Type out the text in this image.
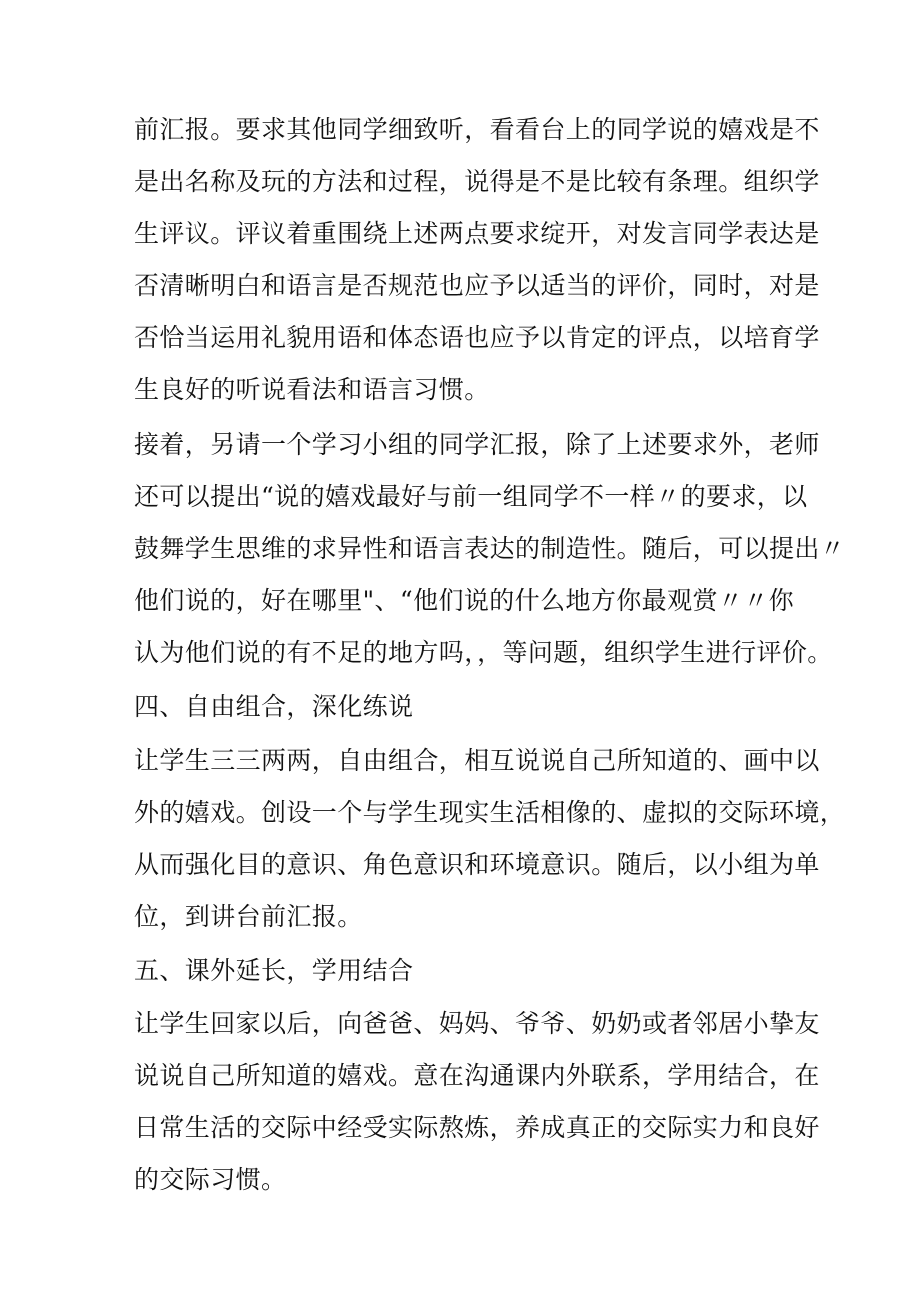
前汇报。要求其他同学细致听，看看台上的同学说的嬉戏是不
是出名称及玩的方法和过程，说得是不是比较有条理。组织学
生评议。评议着重围绕上述两点要求绽开，对发言同学表达是
否清晰明白和语言是否规范也应予以适当的评价，同时，对是
否恰当运用礼貌用语和体态语也应予以肯定的评点，以培育学
生良好的听说看法和语言习惯。
接着，另请一个学习小组的同学汇报，除了上述要求外，老师
还可以提出“说的嬉戏最好与前一组同学不一样〃的要求，以
鼓舞学生思维的求异性和语言表达的制造性。随后，可以提出〃
他们说的，好在哪里"、“他们说的什么地方你最观赏〃〃你
认为他们说的有不足的地方吗，，等问题，组织学生进行评价。
四、自由组合，深化练说
让学生三三两两，自由组合，相互说说自己所知道的、画中以
外的嬉戏。创设一个与学生现实生活相像的、虚拟的交际环境，
从而强化目的意识、角色意识和环境意识。随后，以小组为单
位，到讲台前汇报。
五、课外延长，学用结合
让学生回家以后，向爸爸、妈妈、爷爷、奶奶或者邻居小挚友
说说自己所知道的嬉戏。意在沟通课内外联系，学用结合，在
日常生活的交际中经受实际熬炼，养成真正的交际实力和良好
的交际习惯。
